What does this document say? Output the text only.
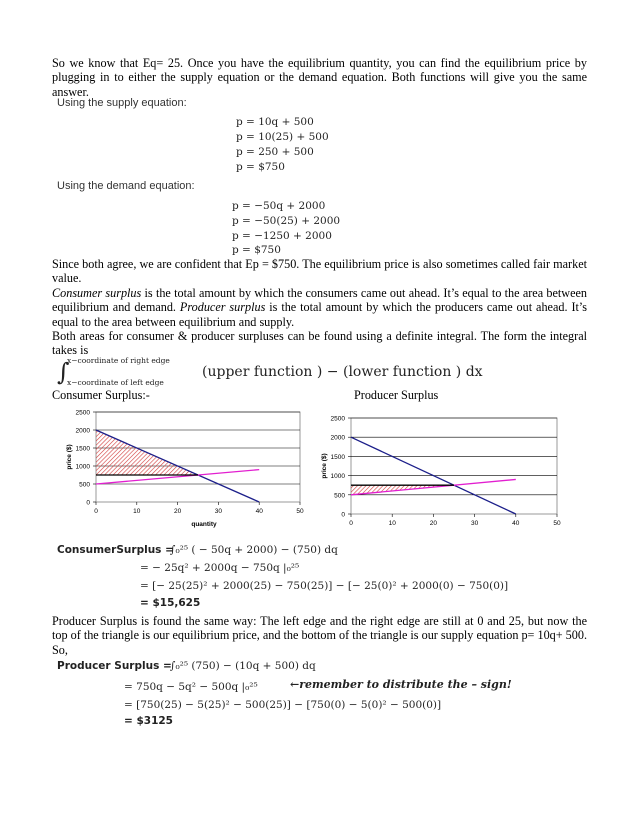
So we know that Eq= 25. Once you have the equilibrium quantity, you can find the equilibrium price by plugging in to either the supply equation or the demand equation. Both functions will give you the same answer.
Using the supply equation:
p = 10q + 500
p = 10(25) + 500
p = 250 + 500
p = $750
Using the demand equation:
p = −50q + 2000
p = −50(25) + 2000
p = −1250 + 2000
p = $750
Since both agree, we are confident that Ep = $750. The equilibrium price is also sometimes called fair market value.
Consumer surplus is the total amount by which the consumers came out ahead. It’s equal to the area between equilibrium and demand. Producer surplus is the total amount by which the producers came out ahead. It’s equal to the area between equilibrium and supply.
Both areas for consumer & producer surpluses can be found using a definite integral. The form the integral takes is
∫
x−coordinate of right edge
x−coordinate of left edge
(upper function ) − (lower function ) dx
Consumer Surplus:-	Producer Surplus
0
500
1000
1500
2000
2500
0	10	20	30	40	50
price ($)
quantity
0
500
1000
1500
2000
2500
0	10	20	30	40	50
price ($)
ConsumerSurplus =
∫₀²⁵ ( − 50q + 2000) − (750) dq
= − 25q² + 2000q − 750q |₀²⁵
= [− 25(25)² + 2000(25) − 750(25)] − [− 25(0)² + 2000(0) − 750(0)]
= $15,625
Producer Surplus is found the same way: The left edge and the right edge are still at 0 and 25, but now the top of the triangle is our equilibrium price, and the bottom of the triangle is our supply equation p= 10q+ 500. So,
Producer Surplus =
∫₀²⁵ (750) − (10q + 500) dq
= 750q − 5q² − 500q |₀²⁵	←remember to distribute the – sign!
= [750(25) − 5(25)² − 500(25)] − [750(0) − 5(0)² − 500(0)]
= $3125
